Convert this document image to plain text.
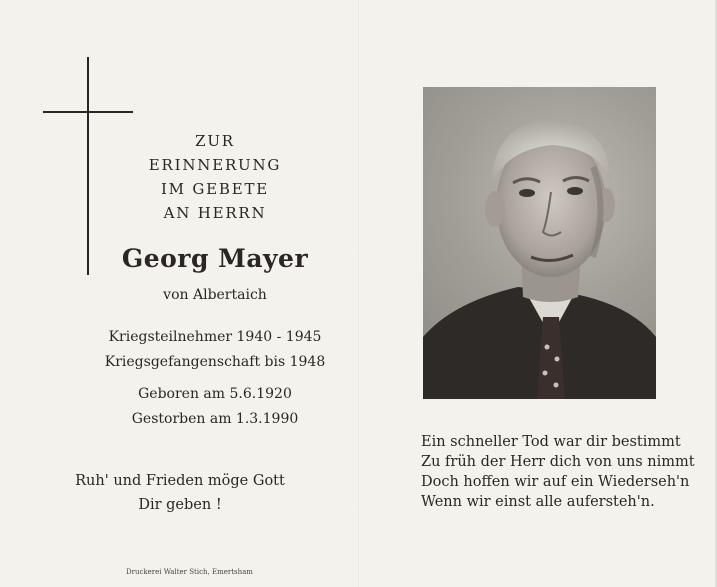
ZUR
ERINNERUNG
IM GEBETE
AN HERRN
Georg Mayer
von Albertaich
Kriegsteilnehmer 1940 - 1945
Kriegsgefangenschaft bis 1948
Geboren am 5.6.1920
Gestorben am 1.3.1990
Ruh' und Frieden möge Gott
Dir geben !
Druckerei Walter Stich, Emertsham
Ein schneller Tod war dir bestimmt
Zu früh der Herr dich von uns nimmt
Doch hoffen wir auf ein Wiederseh'n
Wenn wir einst alle aufersteh'n.
